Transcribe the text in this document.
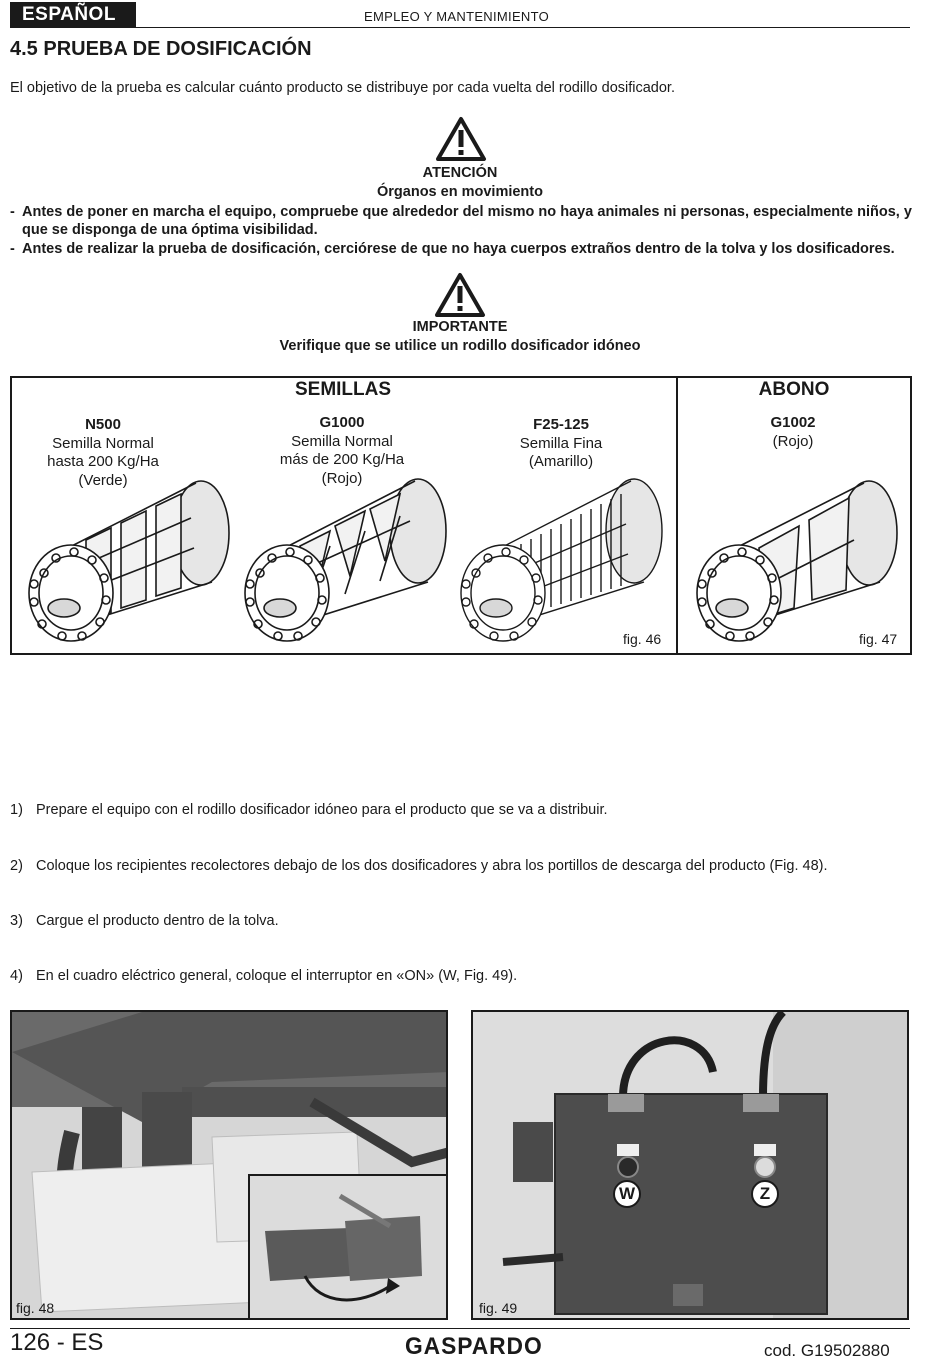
ESPAÑOL	EMPLEO Y MANTENIMIENTO
4.5 PRUEBA DE DOSIFICACIÓN

El objetivo de la prueba es calcular cuánto producto se distribuye por cada vuelta del rodillo dosificador.

ATENCIÓN
Órganos en movimiento
- Antes de poner en marcha el equipo, compruebe que alrededor del mismo no haya animales ni personas, especialmente niños, y que se disponga de una óptima visibilidad.
- Antes de realizar la prueba de dosificación, cerciórese de que no haya cuerpos extraños dentro de la tolva y los dosificadores.
IMPORTANTE
Verifique que se utilice un rodillo dosificador idóneo
SEMILLAS	ABONO
N500
Semilla Normal
hasta 200 Kg/Ha
(Verde)
G1000
Semilla Normal
más de 200 Kg/Ha
(Rojo)
F25-125
Semilla Fina
(Amarillo)
G1002
(Rojo)
fig. 46	fig. 47
1) Prepare el equipo con el rodillo dosificador idóneo para el producto que se va a distribuir.
2) Coloque los recipientes recolectores debajo de los dos dosificadores y abra los portillos de descarga del producto (Fig. 48).
3) Cargue el producto dentro de la tolva.
4) En el cuadro eléctrico general, coloque el interruptor en «ON» (W, Fig. 49).
fig. 48
W	Z
fig. 49
126 - ES	GASPARDO	cod. G19502880
